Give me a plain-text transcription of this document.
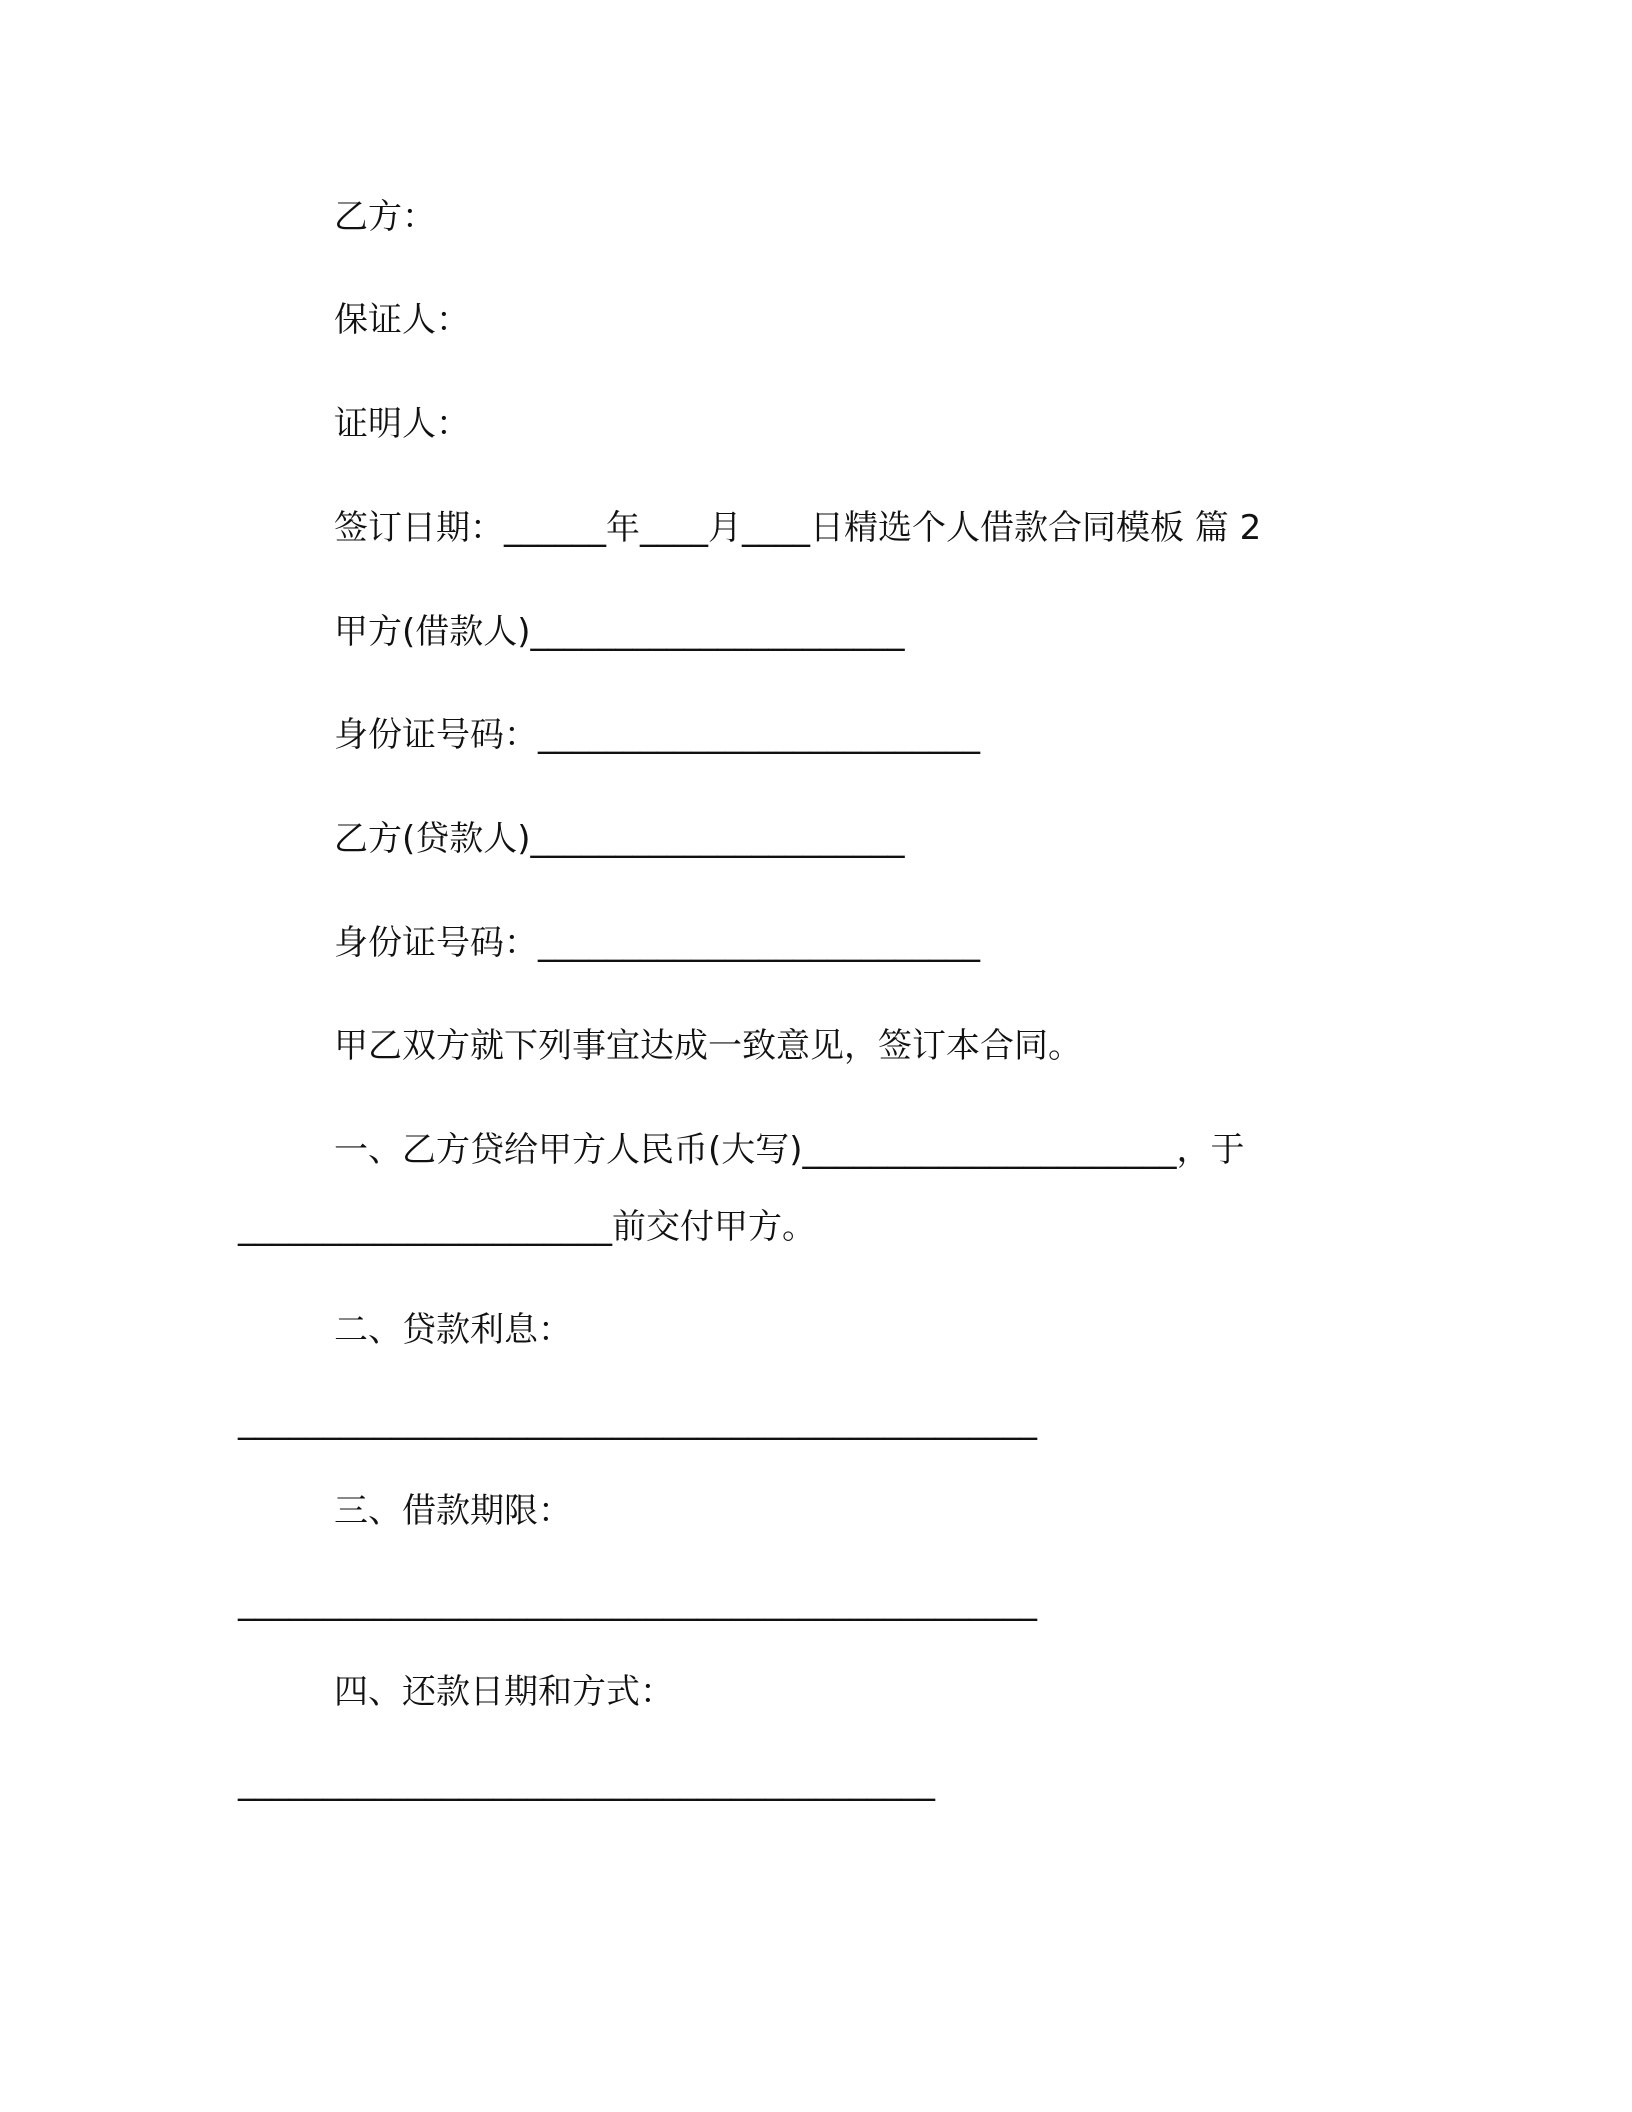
乙方：
保证人：
证明人：
签订日期：______年____月____日精选个人借款合同模板 篇 2
甲方(借款人)______________________
身份证号码：__________________________
乙方(贷款人)______________________
身份证号码：__________________________
甲乙双方就下列事宜达成一致意见，签订本合同。
一、乙方贷给甲方人民币(大写)______________________，于
______________________前交付甲方。
二、贷款利息：
_______________________________________________
三、借款期限：
_______________________________________________
四、还款日期和方式：
_________________________________________
